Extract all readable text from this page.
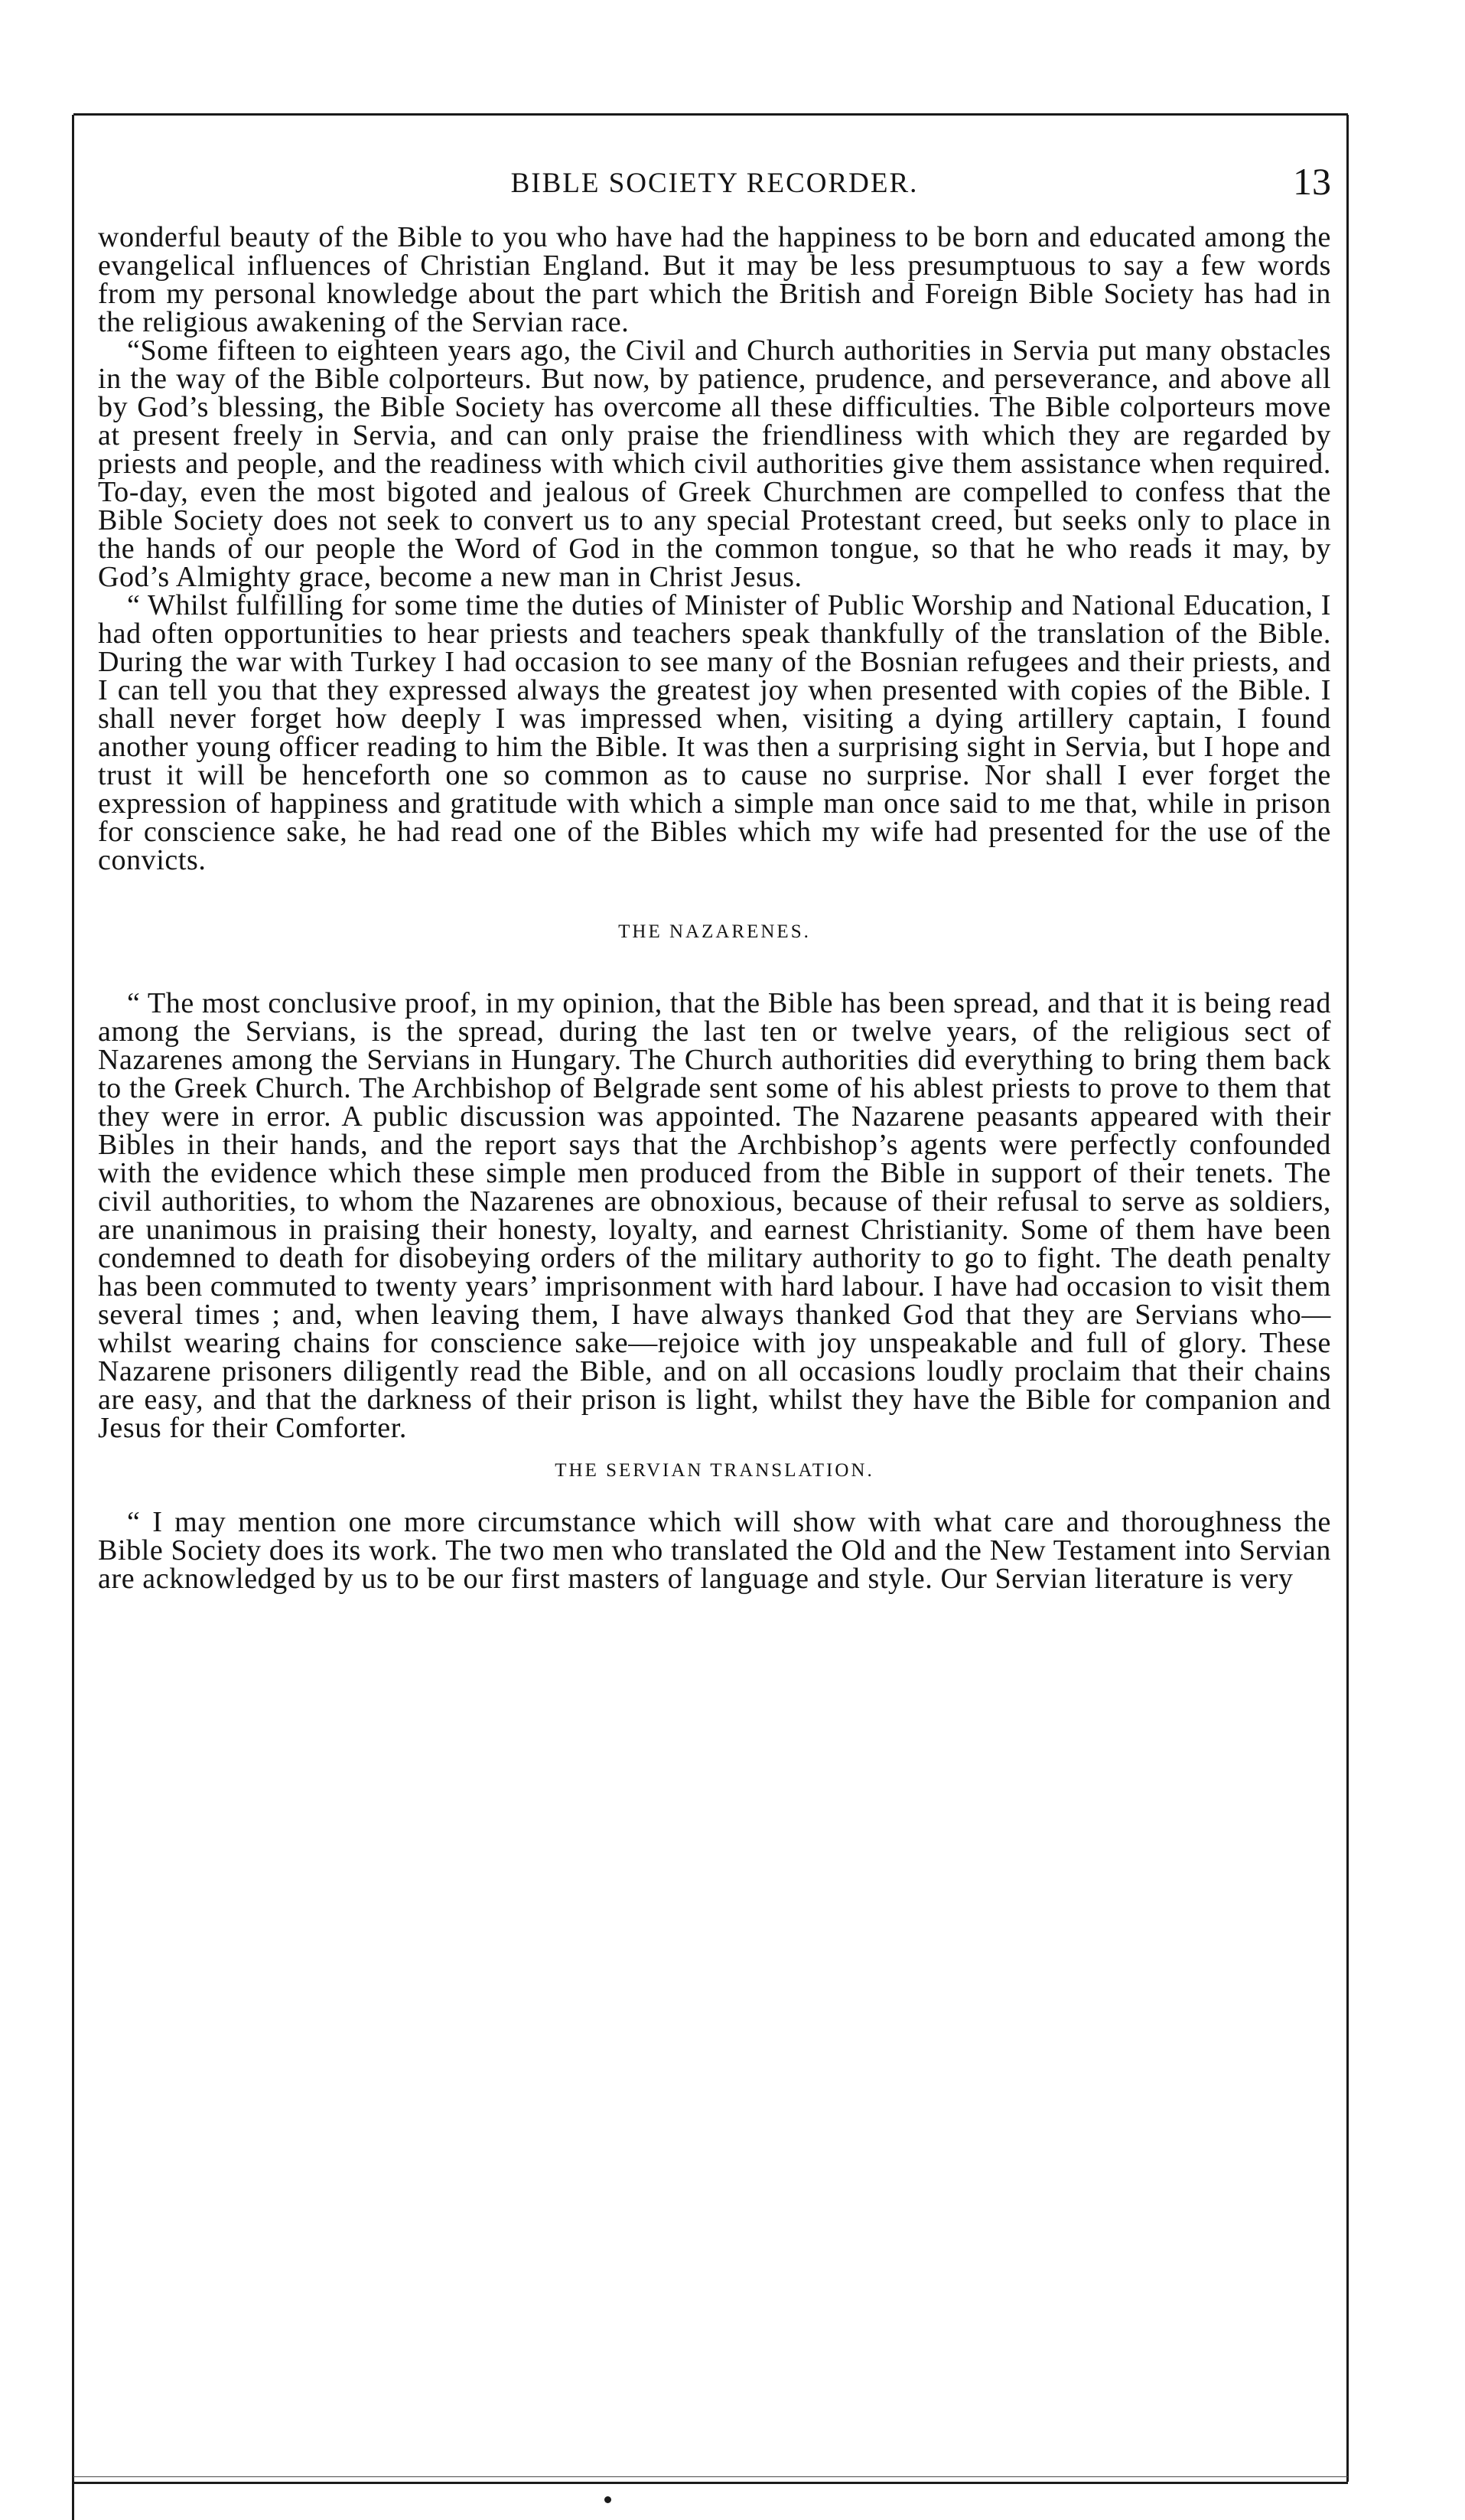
BIBLE SOCIETY RECORDER.	13

wonderful beauty of the Bible to you who have had the happiness to be born and educated among the evangelical influences of Christian England. But it may be less presumptuous to say a few words from my personal knowledge about the part which the British and Foreign Bible Society has had in the religious awakening of the Servian race.

“Some fifteen to eighteen years ago, the Civil and Church authorities in Servia put many obstacles in the way of the Bible colporteurs. But now, by patience, prudence, and perseverance, and above all by God’s blessing, the Bible Society has overcome all these difficulties. The Bible colporteurs move at present freely in Servia, and can only praise the friendliness with which they are regarded by priests and people, and the readiness with which civil authorities give them assistance when required. To-day, even the most bigoted and jealous of Greek Churchmen are compelled to confess that the Bible Society does not seek to convert us to any special Protestant creed, but seeks only to place in the hands of our people the Word of God in the common tongue, so that he who reads it may, by God’s Almighty grace, become a new man in Christ Jesus.

“ Whilst fulfilling for some time the duties of Minister of Public Worship and National Education, I had often opportunities to hear priests and teachers speak thankfully of the translation of the Bible. During the war with Turkey I had occasion to see many of the Bosnian refugees and their priests, and I can tell you that they expressed always the greatest joy when presented with copies of the Bible. I shall never forget how deeply I was impressed when, visiting a dying artillery captain, I found another young officer reading to him the Bible. It was then a surprising sight in Servia, but I hope and trust it will be henceforth one so common as to cause no surprise. Nor shall I ever forget the expression of happiness and gratitude with which a simple man once said to me that, while in prison for conscience sake, he had read one of the Bibles which my wife had presented for the use of the convicts.

THE NAZARENES.

“ The most conclusive proof, in my opinion, that the Bible has been spread, and that it is being read among the Servians, is the spread, during the last ten or twelve years, of the religious sect of Nazarenes among the Servians in Hungary. The Church authorities did everything to bring them back to the Greek Church. The Archbishop of Belgrade sent some of his ablest priests to prove to them that they were in error. A public discussion was appointed. The Nazarene peasants appeared with their Bibles in their hands, and the report says that the Archbishop’s agents were perfectly confounded with the evidence which these simple men produced from the Bible in support of their tenets. The civil authorities, to whom the Nazarenes are obnoxious, because of their refusal to serve as soldiers, are unanimous in praising their honesty, loyalty, and earnest Christianity. Some of them have been condemned to death for disobeying orders of the military authority to go to fight. The death penalty has been commuted to twenty years’ imprisonment with hard labour. I have had occasion to visit them several times ; and, when leaving them, I have always thanked God that they are Servians who—whilst wearing chains for conscience sake—rejoice with joy unspeakable and full of glory. These Nazarene prisoners diligently read the Bible, and on all occasions loudly proclaim that their chains are easy, and that the darkness of their prison is light, whilst they have the Bible for companion and Jesus for their Comforter.

THE SERVIAN TRANSLATION.

“ I may mention one more circumstance which will show with what care and thoroughness the Bible Society does its work. The two men who translated the Old and the New Testament into Servian are acknowledged by us to be our first masters of language and style. Our Servian literature is very
